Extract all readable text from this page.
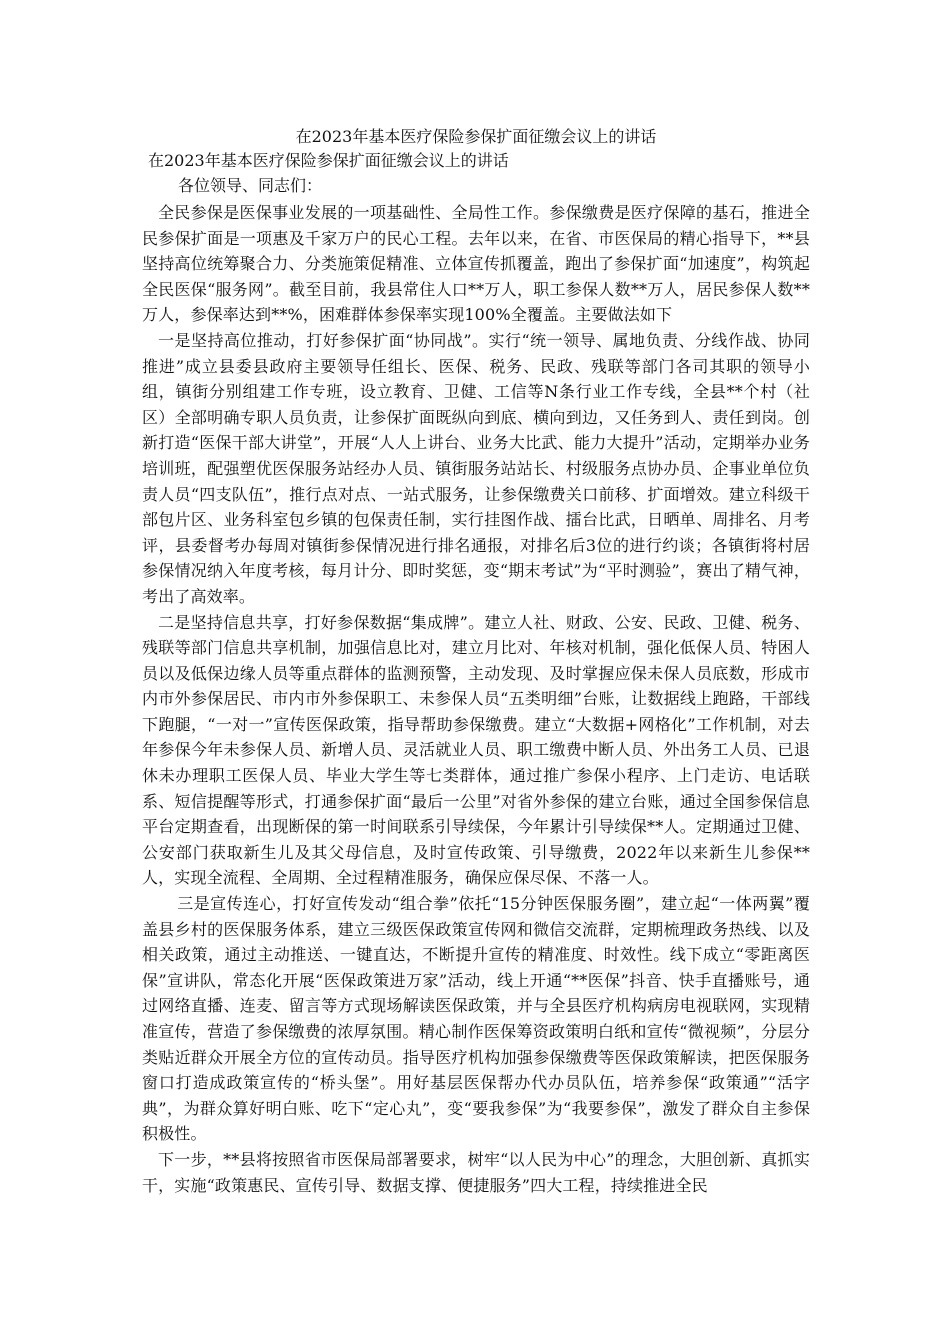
在2023年基本医疗保险参保扩面征缴会议上的讲话
在2023年基本医疗保险参保扩面征缴会议上的讲话

各位领导、同志们：

全民参保是医保事业发展的一项基础性、全局性工作。参保缴费是医疗保障的基石，推进全民参保扩面是一项惠及千家万户的民心工程。去年以来，在省、市医保局的精心指导下，**县坚持高位统筹聚合力、分类施策促精准、立体宣传抓覆盖，跑出了参保扩面“加速度”，构筑起全民医保“服务网”。截至目前，我县常住人口**万人，职工参保人数**万人，居民参保人数**万人，参保率达到**%，困难群体参保率实现100%全覆盖。主要做法如下

一是坚持高位推动，打好参保扩面“协同战”。实行“统一领导、属地负责、分线作战、协同推进”成立县委县政府主要领导任组长、医保、税务、民政、残联等部门各司其职的领导小组，镇街分别组建工作专班，设立教育、卫健、工信等N条行业工作专线，全县**个村（社区）全部明确专职人员负责，让参保扩面既纵向到底、横向到边，又任务到人、责任到岗。创新打造“医保干部大讲堂”，开展“人人上讲台、业务大比武、能力大提升”活动，定期举办业务培训班，配强塑优医保服务站经办人员、镇街服务站站长、村级服务点协办员、企事业单位负责人员“四支队伍”，推行点对点、一站式服务，让参保缴费关口前移、扩面增效。建立科级干部包片区、业务科室包乡镇的包保责任制，实行挂图作战、擂台比武，日晒单、周排名、月考评，县委督考办每周对镇街参保情况进行排名通报，对排名后3位的进行约谈；各镇街将村居参保情况纳入年度考核，每月计分、即时奖惩，变“期末考试”为“平时测验”，赛出了精气神，考出了高效率。

二是坚持信息共享，打好参保数据“集成牌”。建立人社、财政、公安、民政、卫健、税务、残联等部门信息共享机制，加强信息比对，建立月比对、年核对机制，强化低保人员、特困人员以及低保边缘人员等重点群体的监测预警，主动发现、及时掌握应保未保人员底数，形成市内市外参保居民、市内市外参保职工、未参保人员“五类明细”台账，让数据线上跑路，干部线下跑腿，“一对一”宣传医保政策，指导帮助参保缴费。建立“大数据+网格化”工作机制，对去年参保今年未参保人员、新增人员、灵活就业人员、职工缴费中断人员、外出务工人员、已退休未办理职工医保人员、毕业大学生等七类群体，通过推广参保小程序、上门走访、电话联系、短信提醒等形式，打通参保扩面“最后一公里”对省外参保的建立台账，通过全国参保信息平台定期查看，出现断保的第一时间联系引导续保，今年累计引导续保**人。定期通过卫健、公安部门获取新生儿及其父母信息，及时宣传政策、引导缴费，2022年以来新生儿参保**人，实现全流程、全周期、全过程精准服务，确保应保尽保、不落一人。

三是宣传连心，打好宣传发动“组合拳”依托“15分钟医保服务圈”，建立起“一体两翼”覆盖县乡村的医保服务体系，建立三级医保政策宣传网和微信交流群，定期梳理政务热线、以及相关政策，通过主动推送、一键直达，不断提升宣传的精准度、时效性。线下成立“零距离医保”宣讲队，常态化开展“医保政策进万家”活动，线上开通“**医保”抖音、快手直播账号，通过网络直播、连麦、留言等方式现场解读医保政策，并与全县医疗机构病房电视联网，实现精准宣传，营造了参保缴费的浓厚氛围。精心制作医保筹资政策明白纸和宣传“微视频”，分层分类贴近群众开展全方位的宣传动员。指导医疗机构加强参保缴费等医保政策解读，把医保服务窗口打造成政策宣传的“桥头堡”。用好基层医保帮办代办员队伍，培养参保“政策通”“活字典”，为群众算好明白账、吃下“定心丸”，变“要我参保”为“我要参保”，激发了群众自主参保积极性。

下一步，**县将按照省市医保局部署要求，树牢“以人民为中心”的理念，大胆创新、真抓实干，实施“政策惠民、宣传引导、数据支撑、便捷服务”四大工程，持续推进全民
